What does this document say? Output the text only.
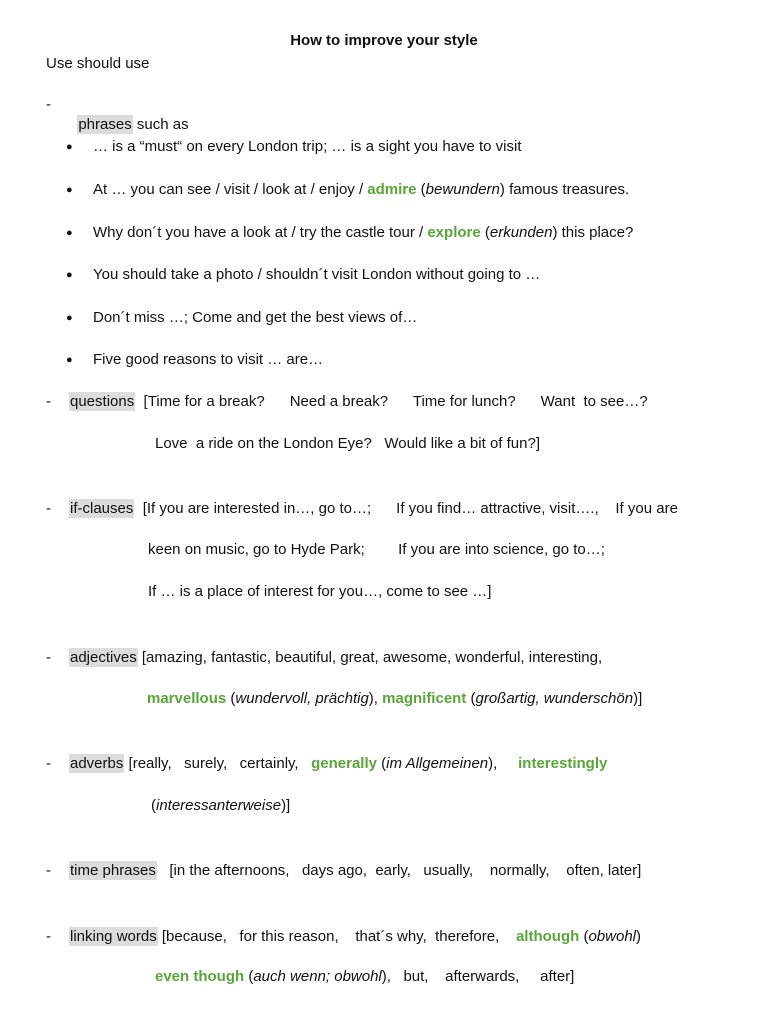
How to improve your style
Use should use
-

phrases such as

● … is a “must“ on every London trip; … is a sight you have to visit
● At … you can see / visit / look at / enjoy / admire (bewundern) famous treasures.
● Why don´t you have a look at / try the castle tour / explore (erkunden) this place?
● You should take a photo / shouldn´t visit London without going to …
● Don´t miss …; Come and get the best views of…
● Five good reasons to visit … are…
- questions  [Time for a break?      Need a break?      Time for lunch?      Want  to see…?
Love  a ride on the London Eye?   Would like a bit of fun?]
- if-clauses  [If you are interested in…, go to…;      If you find… attractive, visit….,    If you are
keen on music, go to Hyde Park;        If you are into science, go to…;
If … is a place of interest for you…, come to see …]
- adjectives [amazing, fantastic, beautiful, great, awesome, wonderful, interesting,
marvellous (wundervoll, prächtig), magnificent (großartig, wunderschön)]
- adverbs [really,   surely,   certainly,   generally (im Allgemeinen),     interestingly
(interessanterweise)]
- time phrases   [in the afternoons,   days ago,  early,   usually,    normally,    often, later]
- linking words [because,   for this reason,    that´s why,  therefore,    although (obwohl)
even though (auch wenn; obwohl),   but,    afterwards,     after]
